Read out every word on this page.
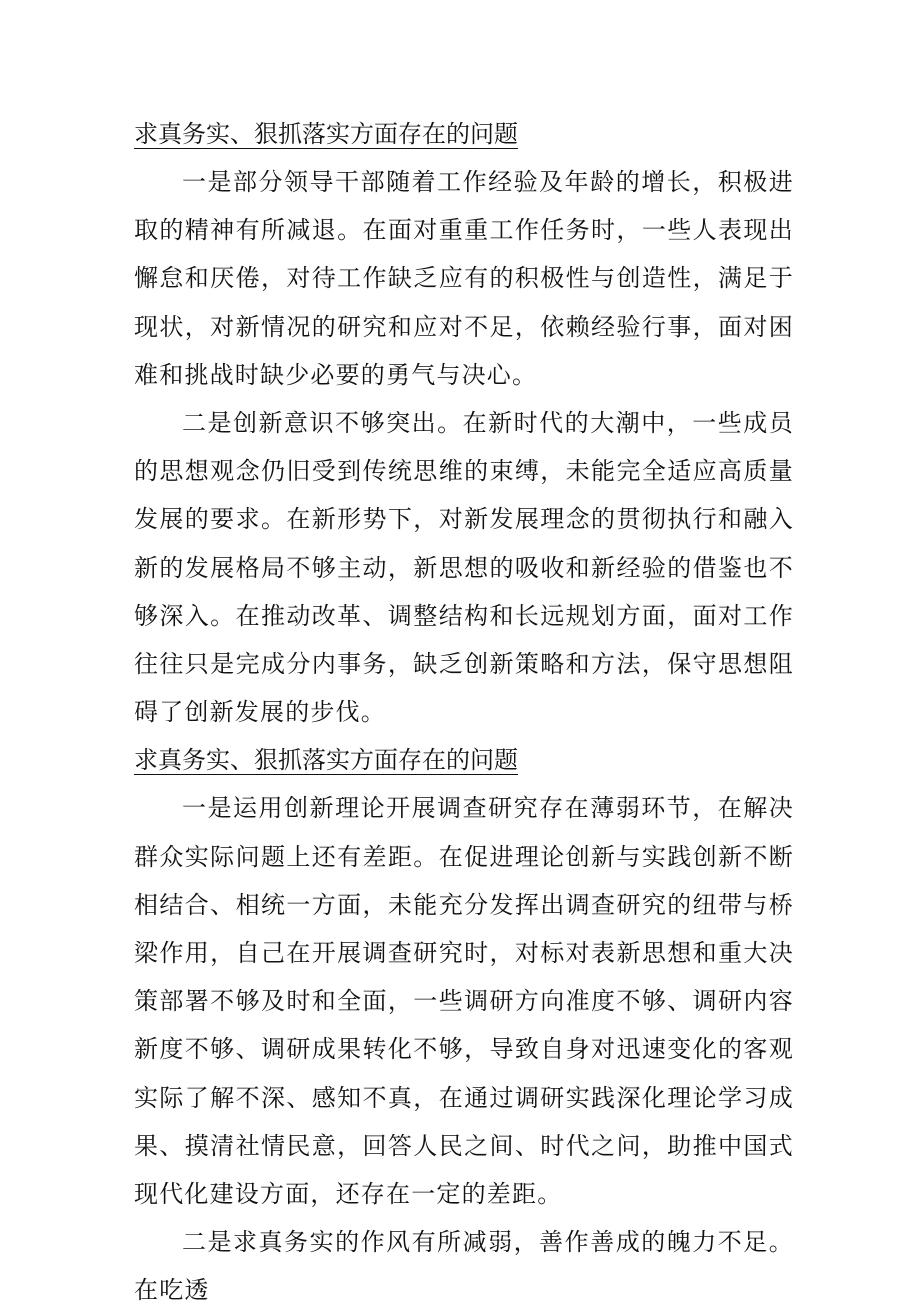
求真务实、狠抓落实方面存在的问题

一是部分领导干部随着工作经验及年龄的增长，积极进取的精神有所减退。在面对重重工作任务时，一些人表现出懈怠和厌倦，对待工作缺乏应有的积极性与创造性，满足于现状，对新情况的研究和应对不足，依赖经验行事，面对困难和挑战时缺少必要的勇气与决心。

二是创新意识不够突出。在新时代的大潮中，一些成员的思想观念仍旧受到传统思维的束缚，未能完全适应高质量发展的要求。在新形势下，对新发展理念的贯彻执行和融入新的发展格局不够主动，新思想的吸收和新经验的借鉴也不够深入。在推动改革、调整结构和长远规划方面，面对工作往往只是完成分内事务，缺乏创新策略和方法，保守思想阻碍了创新发展的步伐。

求真务实、狠抓落实方面存在的问题

一是运用创新理论开展调查研究存在薄弱环节，在解决群众实际问题上还有差距。在促进理论创新与实践创新不断相结合、相统一方面，未能充分发挥出调查研究的纽带与桥梁作用，自己在开展调查研究时，对标对表新思想和重大决策部署不够及时和全面，一些调研方向准度不够、调研内容新度不够、调研成果转化不够，导致自身对迅速变化的客观实际了解不深、感知不真，在通过调研实践深化理论学习成果、摸清社情民意，回答人民之间、时代之问，助推中国式现代化建设方面，还存在一定的差距。

二是求真务实的作风有所减弱，善作善成的魄力不足。在吃透
